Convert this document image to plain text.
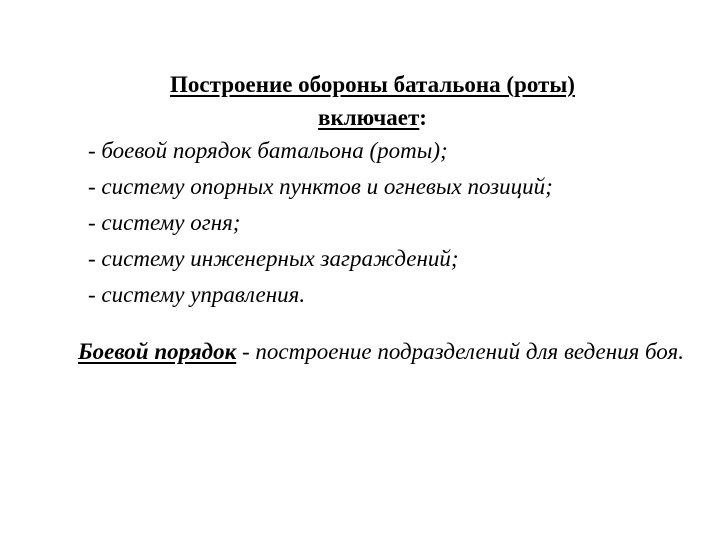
Построение обороны батальона (роты)
включает:
- боевой порядок батальона (роты);
- систему опорных пунктов и огневых позиций;
- систему огня;
- систему инженерных заграждений;
- систему управления.
Боевой порядок - построение подразделений для ведения боя.
